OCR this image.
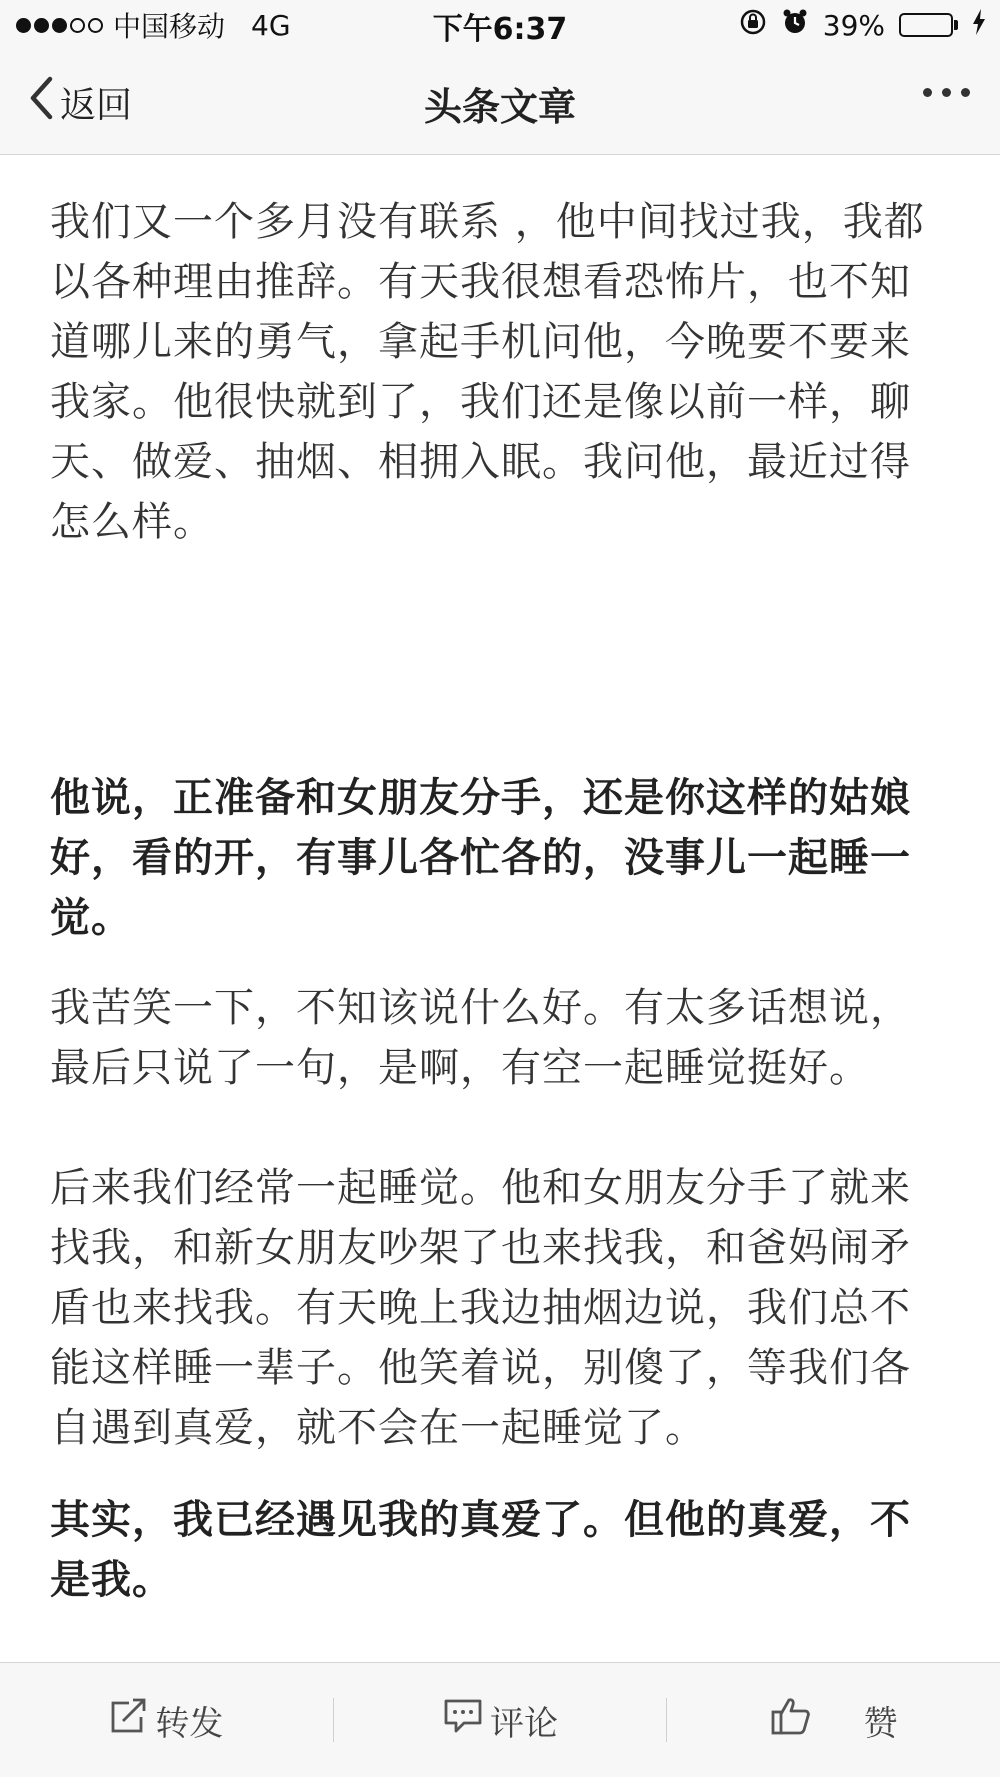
中国移动 4G	下午6:37	39%
返回	头条文章

我们又一个多月没有联系 ，他中间找过我，我都以各种理由推辞。有天我很想看恐怖片，也不知道哪儿来的勇气，拿起手机问他，今晚要不要来我家。他很快就到了，我们还是像以前一样，聊天、做爱、抽烟、相拥入眠。我问他，最近过得怎么样。

他说，正准备和女朋友分手，还是你这样的姑娘好，看的开，有事儿各忙各的，没事儿一起睡一觉。

我苦笑一下，不知该说什么好。有太多话想说，最后只说了一句，是啊，有空一起睡觉挺好。

后来我们经常一起睡觉。他和女朋友分手了就来找我，和新女朋友吵架了也来找我，和爸妈闹矛盾也来找我。有天晚上我边抽烟边说，我们总不能这样睡一辈子。他笑着说，别傻了，等我们各自遇到真爱，就不会在一起睡觉了。

其实，我已经遇见我的真爱了。但他的真爱，不是我。

转发	评论	赞
